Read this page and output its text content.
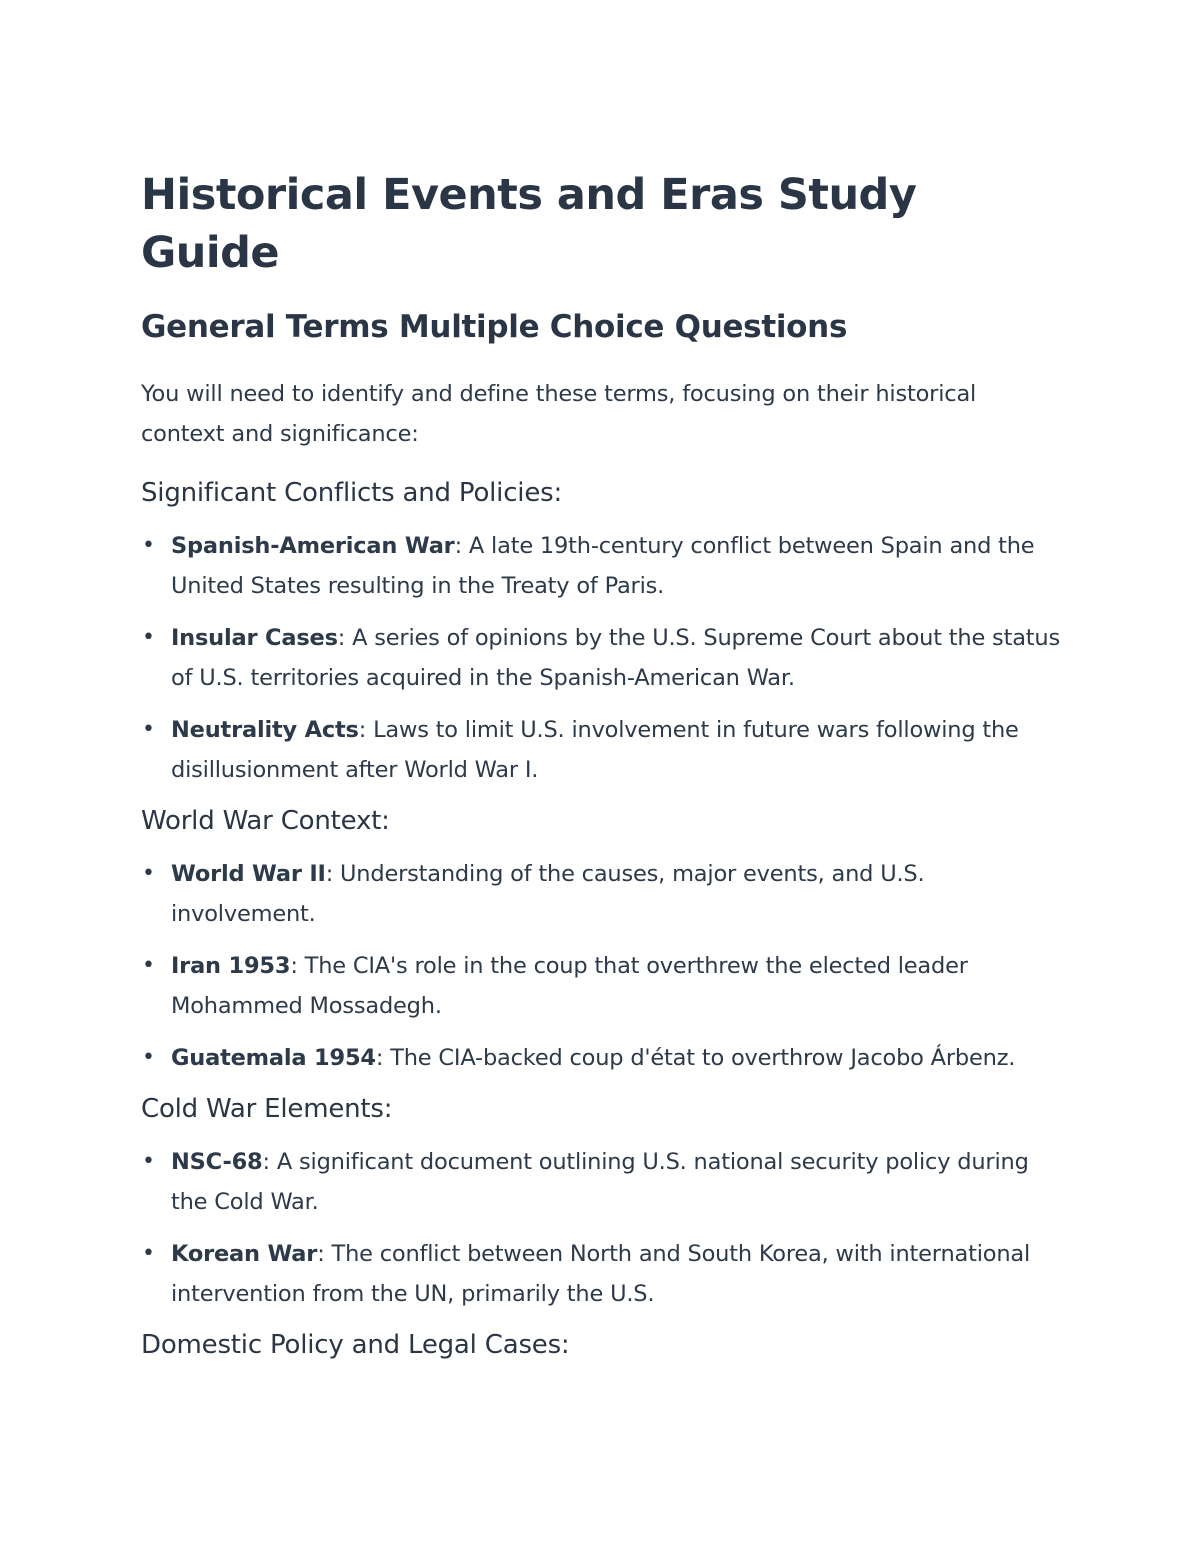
Historical Events and Eras Study Guide
General Terms Multiple Choice Questions

You will need to identify and define these terms, focusing on their historical context and significance:

Significant Conflicts and Policies:
• Spanish-American War: A late 19th-century conflict between Spain and the United States resulting in the Treaty of Paris.
• Insular Cases: A series of opinions by the U.S. Supreme Court about the status of U.S. territories acquired in the Spanish-American War.
• Neutrality Acts: Laws to limit U.S. involvement in future wars following the disillusionment after World War I.
World War Context:
• World War II: Understanding of the causes, major events, and U.S. involvement.
• Iran 1953: The CIA's role in the coup that overthrew the elected leader Mohammed Mossadegh.
• Guatemala 1954: The CIA-backed coup d'état to overthrow Jacobo Árbenz.
Cold War Elements:
• NSC-68: A significant document outlining U.S. national security policy during the Cold War.
• Korean War: The conflict between North and South Korea, with international intervention from the UN, primarily the U.S.
Domestic Policy and Legal Cases:
